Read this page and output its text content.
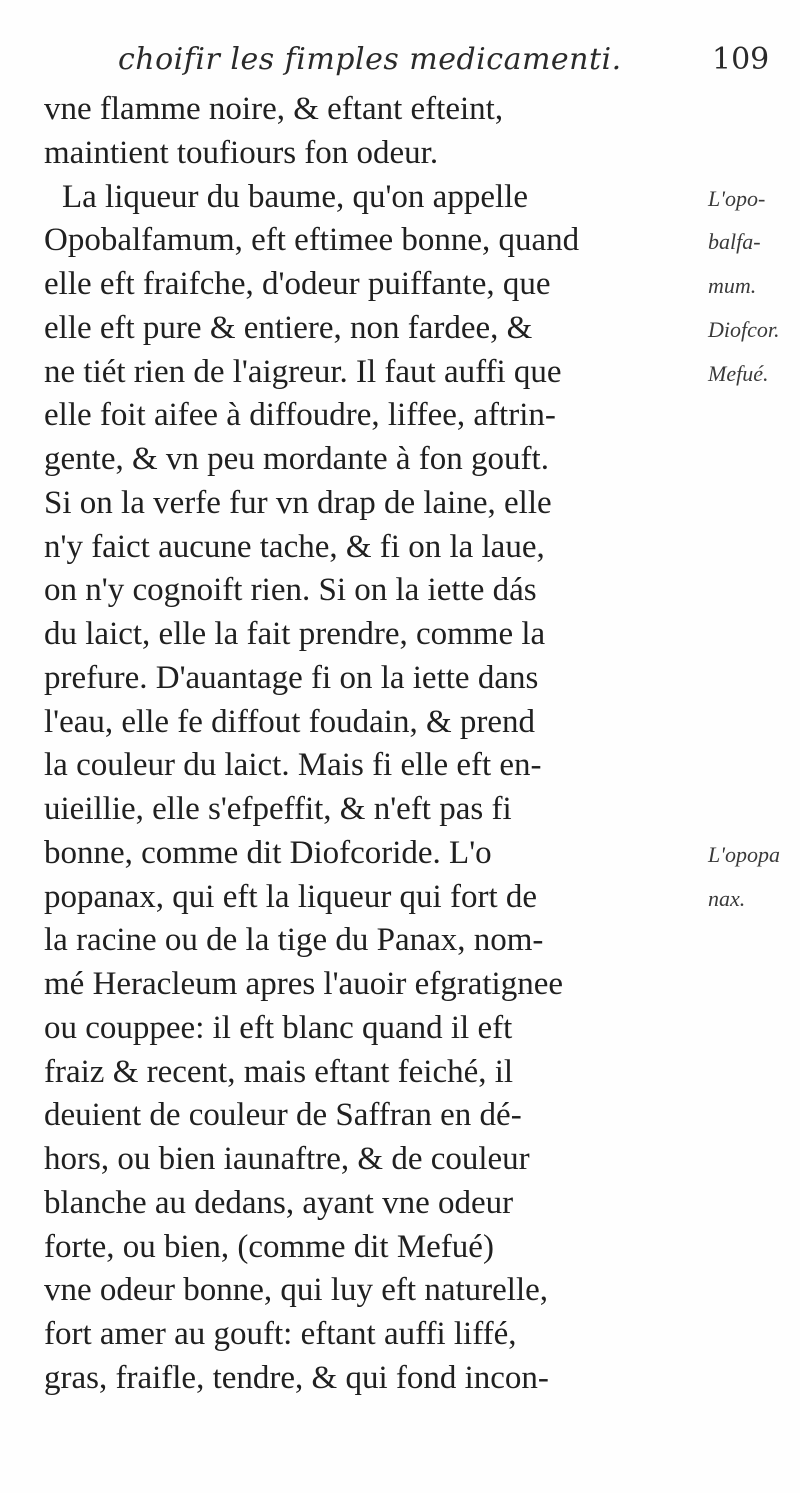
choifir les fimples medicamenti.	109
vne flamme noire, & eftant efteint,
maintient toufiours fon odeur.
La liqueur du baume, qu'on appelle
Opobalfamum, eft eftimee bonne, quand
elle eft fraifche, d'odeur puiffante, que
elle eft pure & entiere, non fardee, &
ne tiét rien de l'aigreur. Il faut auffi que
elle foit aifee à diffoudre, liffee, aftrin-
gente, & vn peu mordante à fon gouft.
Si on la verfe fur vn drap de laine, elle
n'y faict aucune tache, & fi on la laue,
on n'y cognoift rien. Si on la iette dás
du laict, elle la fait prendre, comme la
prefure. D'auantage fi on la iette dans
l'eau, elle fe diffout foudain, & prend
la couleur du laict. Mais fi elle eft en-
uieillie, elle s'efpeffit, & n'eft pas fi
bonne, comme dit Diofcoride. L'o
popanax, qui eft la liqueur qui fort de
la racine ou de la tige du Panax, nom-
mé Heracleum apres l'auoir efgratignee
ou couppee: il eft blanc quand il eft
fraiz & recent, mais eftant feiché, il
deuient de couleur de Saffran en dé-
hors, ou bien iaunaftre, & de couleur
blanche au dedans, ayant vne odeur
forte, ou bien, (comme dit Mefué)
vne odeur bonne, qui luy eft naturelle,
fort amer au gouft: eftant auffi liffé,
gras, fraifle, tendre, & qui fond incon-
L'opo-
balfa-
mum.
Diofcor.
Mefué.
L'opopa
nax.
